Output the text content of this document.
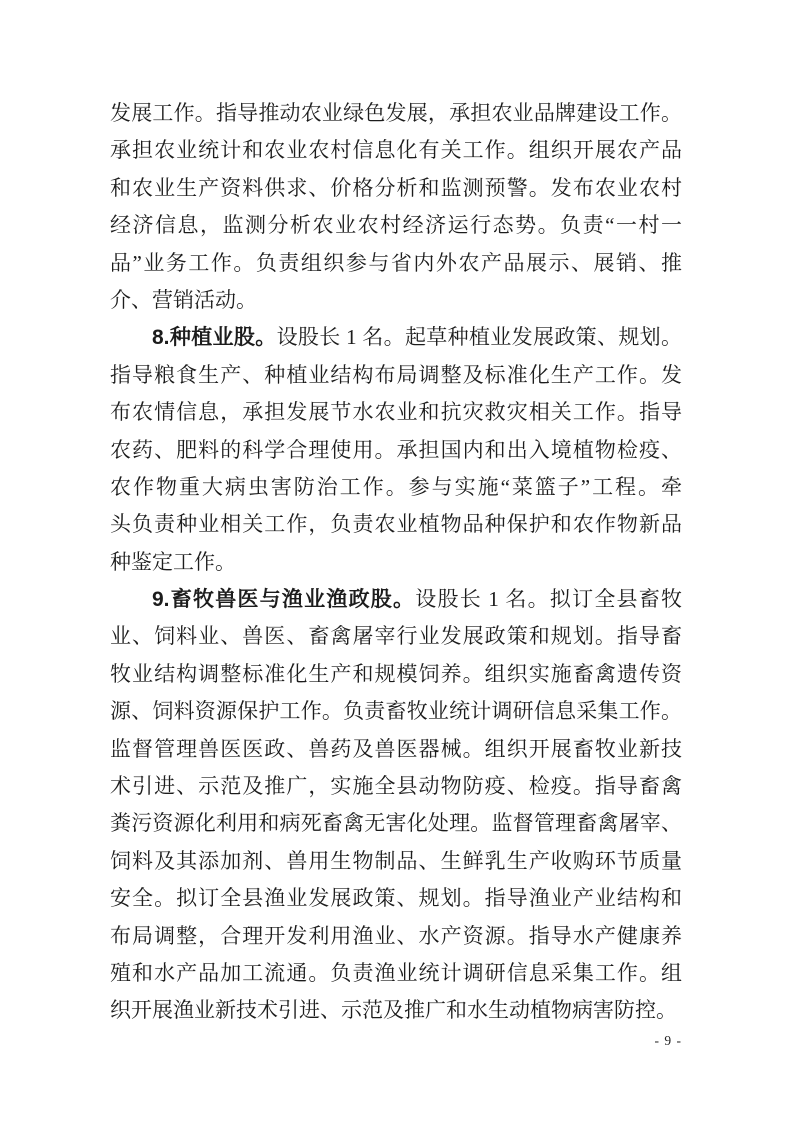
发展工作。指导推动农业绿色发展，承担农业品牌建设工作。
承担农业统计和农业农村信息化有关工作。组织开展农产品
和农业生产资料供求、价格分析和监测预警。发布农业农村
经济信息，监测分析农业农村经济运行态势。负责“一村一
品”业务工作。负责组织参与省内外农产品展示、展销、推
介、营销活动。
8.种植业股。设股长 1 名。起草种植业发展政策、规划。
指导粮食生产、种植业结构布局调整及标准化生产工作。发
布农情信息，承担发展节水农业和抗灾救灾相关工作。指导
农药、肥料的科学合理使用。承担国内和出入境植物检疫、
农作物重大病虫害防治工作。参与实施“菜篮子”工程。牵
头负责种业相关工作，负责农业植物品种保护和农作物新品
种鉴定工作。
9.畜牧兽医与渔业渔政股。设股长 1 名。拟订全县畜牧
业、饲料业、兽医、畜禽屠宰行业发展政策和规划。指导畜
牧业结构调整标准化生产和规模饲养。组织实施畜禽遗传资
源、饲料资源保护工作。负责畜牧业统计调研信息采集工作。
监督管理兽医医政、兽药及兽医器械。组织开展畜牧业新技
术引进、示范及推广，实施全县动物防疫、检疫。指导畜禽
粪污资源化利用和病死畜禽无害化处理。监督管理畜禽屠宰、
饲料及其添加剂、兽用生物制品、生鲜乳生产收购环节质量
安全。拟订全县渔业发展政策、规划。指导渔业产业结构和
布局调整，合理开发利用渔业、水产资源。指导水产健康养
殖和水产品加工流通。负责渔业统计调研信息采集工作。组
织开展渔业新技术引进、示范及推广和水生动植物病害防控。
- 9 -
